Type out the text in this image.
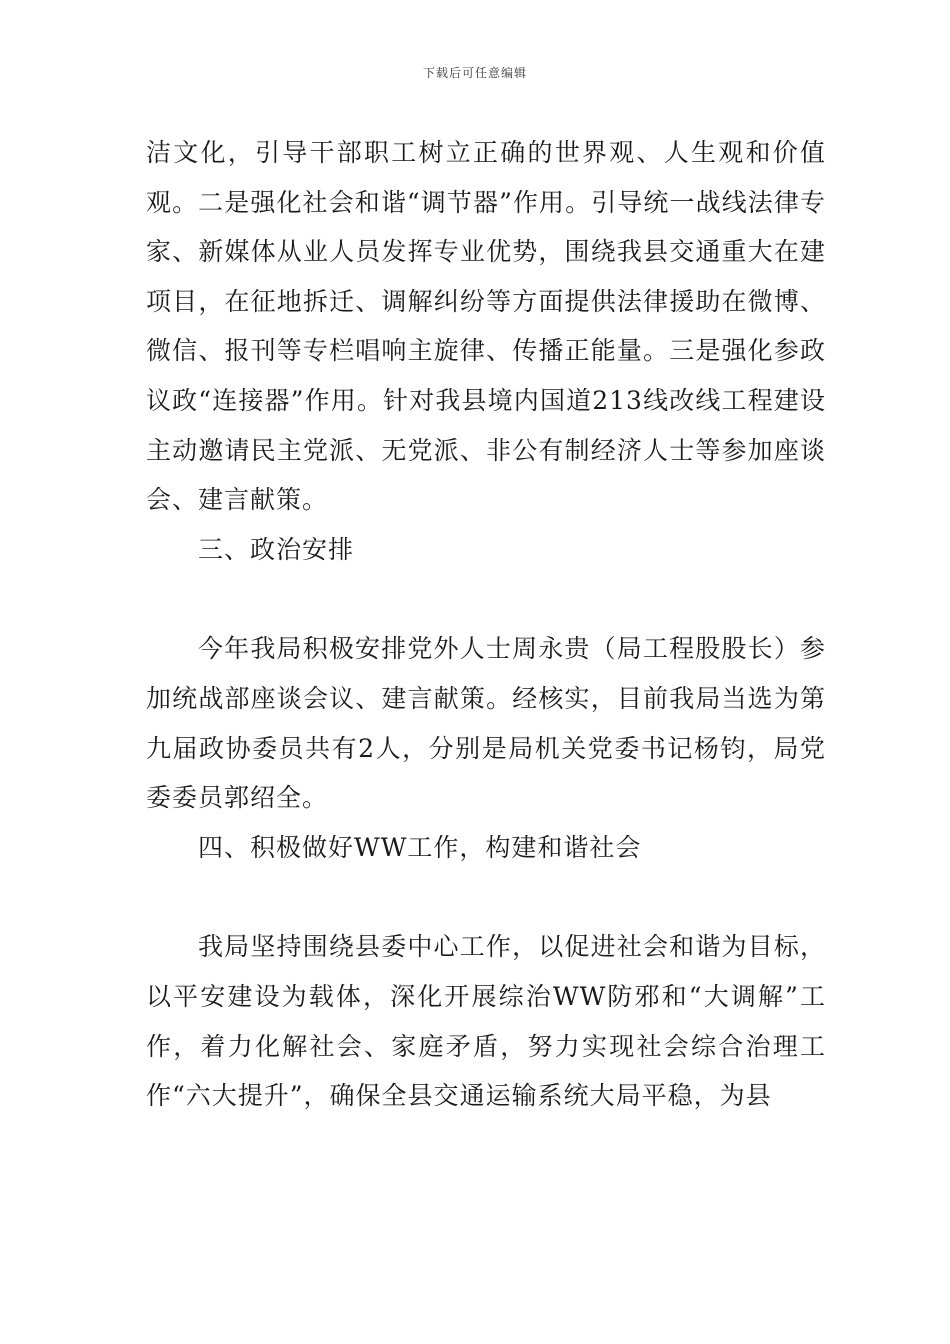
下载后可任意编辑

洁文化，引导干部职工树立正确的世界观、人生观和价值观。二是强化社会和谐“调节器”作用。引导统一战线法律专家、新媒体从业人员发挥专业优势，围绕我县交通重大在建项目，在征地拆迁、调解纠纷等方面提供法律援助在微博、微信、报刊等专栏唱响主旋律、传播正能量。三是强化参政议政“连接器”作用。针对我县境内国道213线改线工程建设主动邀请民主党派、无党派、非公有制经济人士等参加座谈会、建言献策。

三、政治安排

今年我局积极安排党外人士周永贵（局工程股股长）参加统战部座谈会议、建言献策。经核实，目前我局当选为第九届政协委员共有2人，分别是局机关党委书记杨钧，局党委委员郭绍全。

四、积极做好WW工作，构建和谐社会

我局坚持围绕县委中心工作，以促进社会和谐为目标，以平安建设为载体，深化开展综治WW防邪和“大调解”工作，着力化解社会、家庭矛盾，努力实现社会综合治理工作“六大提升”，确保全县交通运输系统大局平稳，为县
